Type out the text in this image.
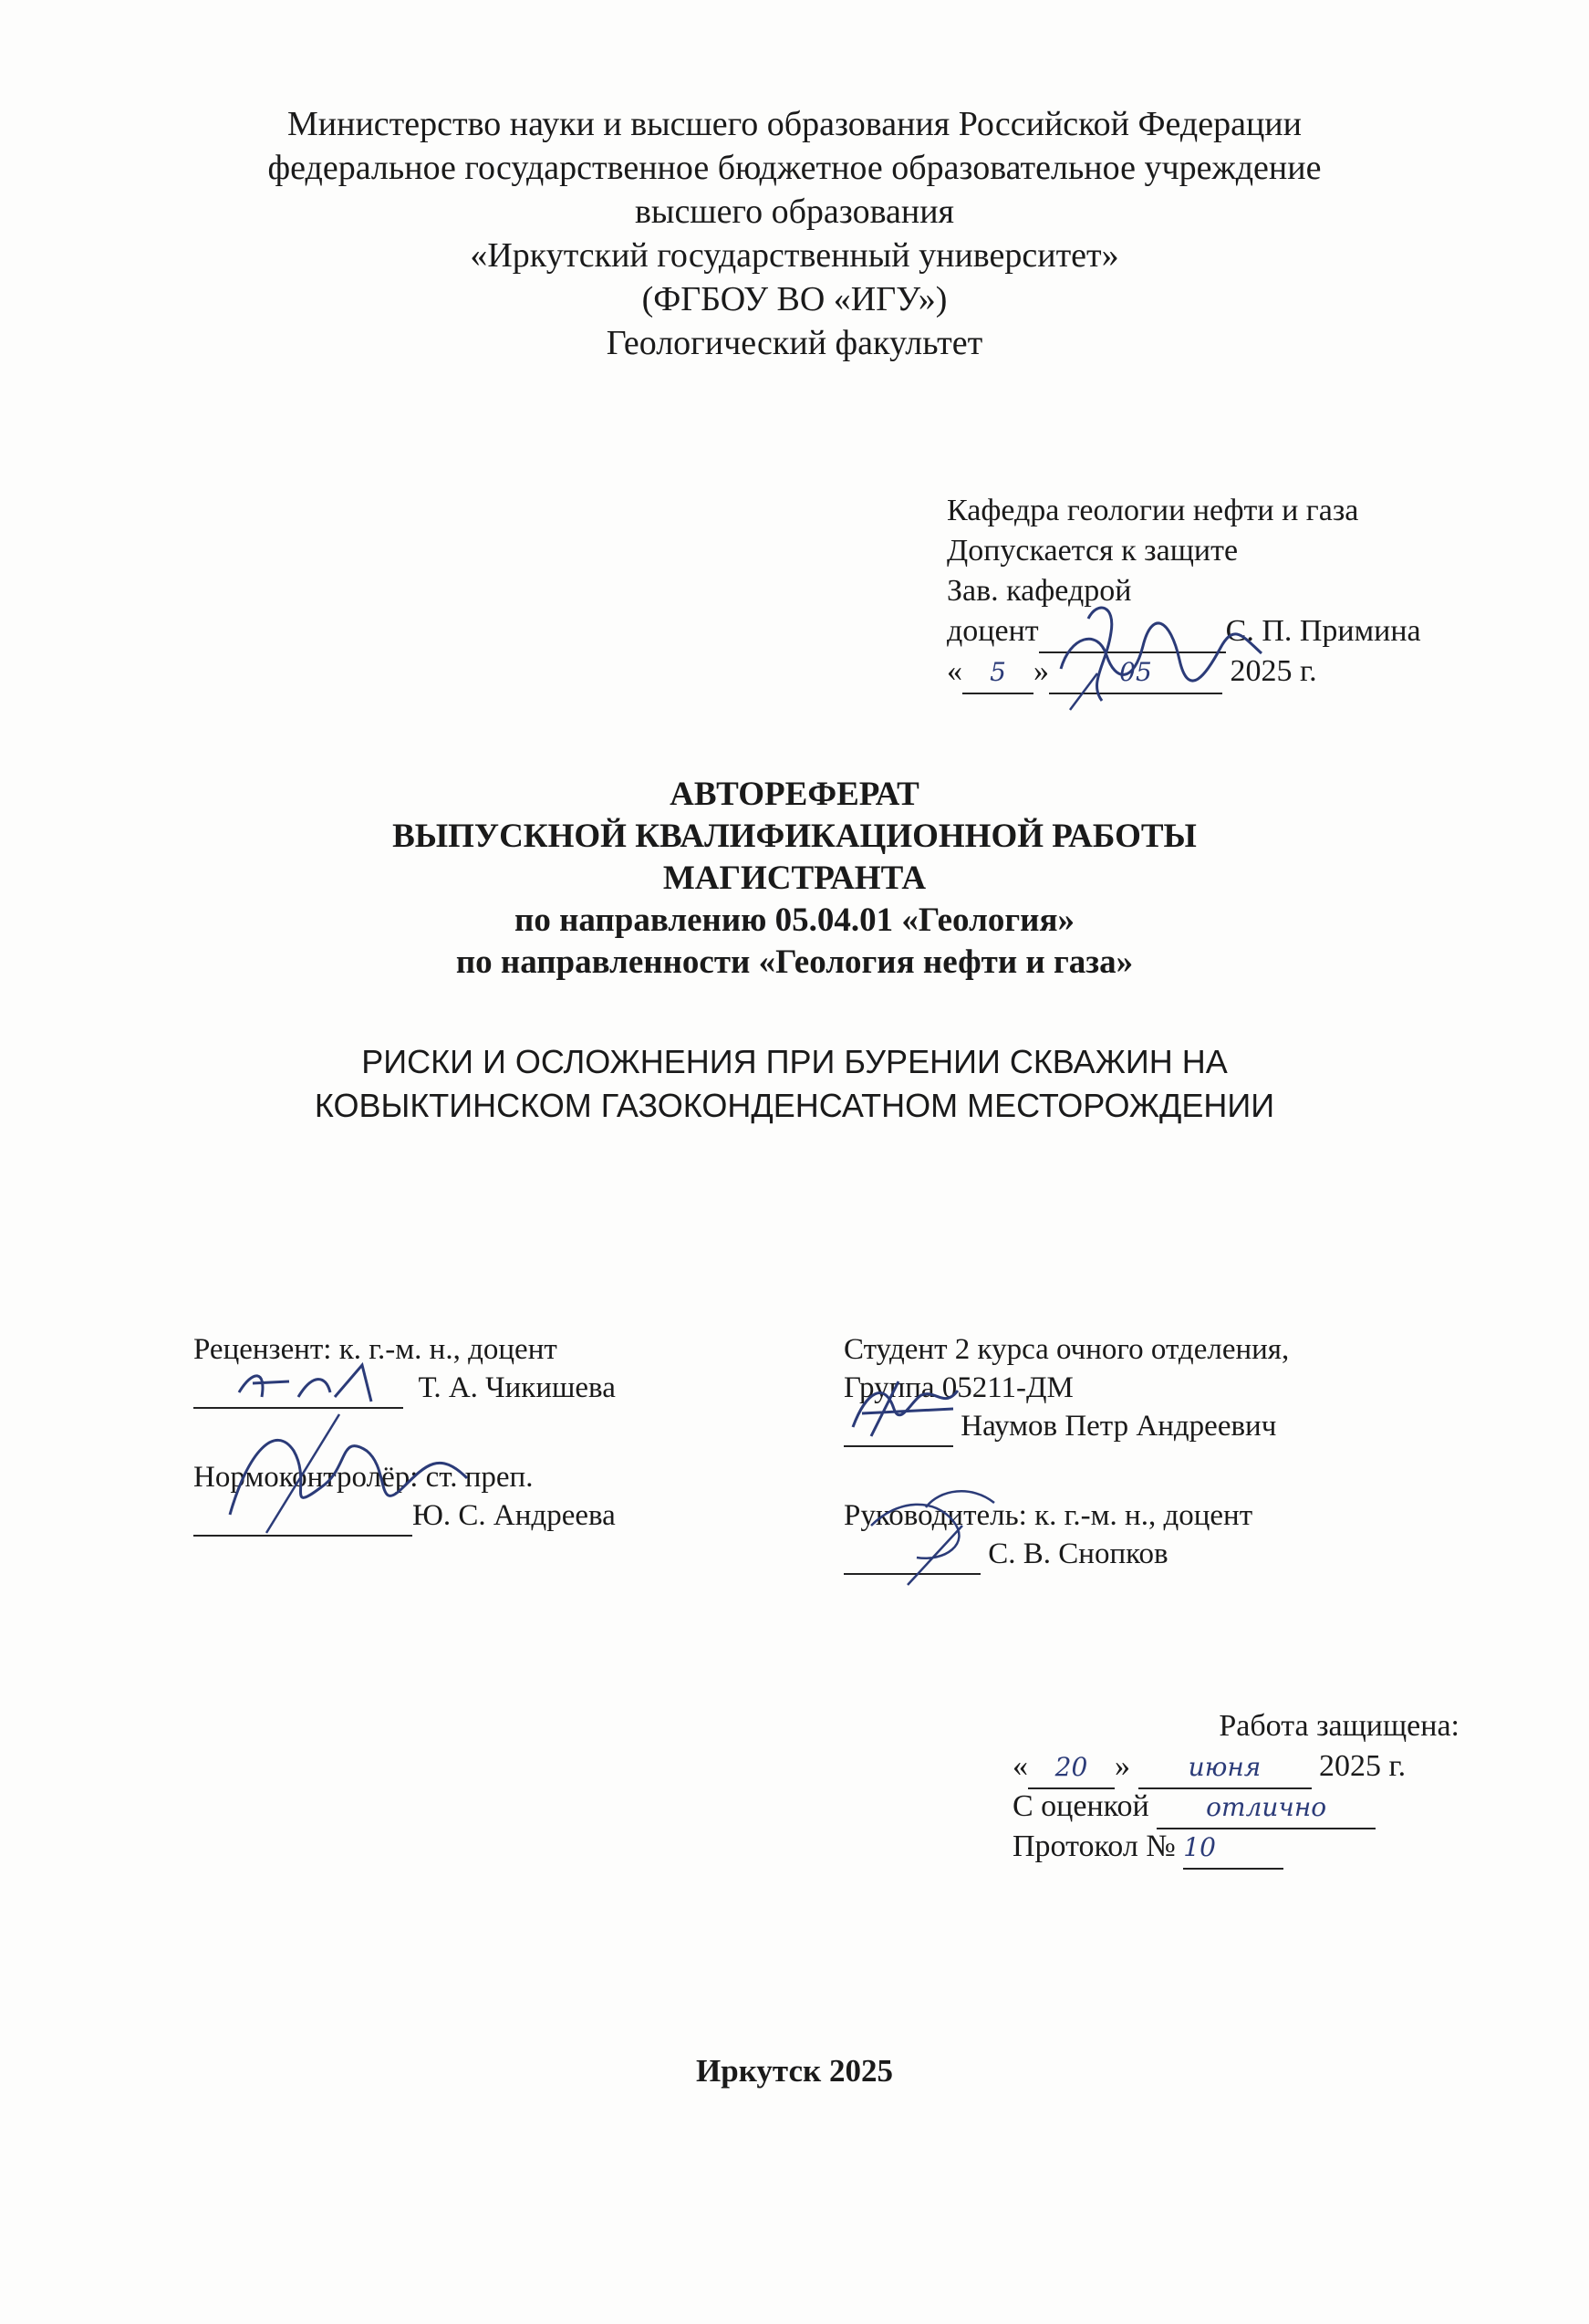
Министерство науки и высшего образования Российской Федерации
федеральное государственное бюджетное образовательное учреждение
высшего образования
«Иркутский государственный университет»
(ФГБОУ ВО «ИГУ»)
Геологический факультет
Кафедра геологии нефти и газа
Допускается к защите
Зав. кафедрой
доцент	С. П. Примина
« 5 »	05	2025 г.
АВТОРЕФЕРАТ
ВЫПУСКНОЙ КВАЛИФИКАЦИОННОЙ РАБОТЫ
МАГИСТРАНТА
по направлению 05.04.01 «Геология»
по направленности «Геология нефти и газа»
РИСКИ И ОСЛОЖНЕНИЯ ПРИ БУРЕНИИ СКВАЖИН НА
КОВЫКТИНСКОМ ГАЗОКОНДЕНСАТНОМ МЕСТОРОЖДЕНИИ
Рецензент: к. г.-м. н., доцент
Т. А. Чикишева
Нормоконтролёр: ст. преп.
Ю. С. Андреева
Студент 2 курса очного отделения,
Группа 05211-ДМ
Наумов Петр Андреевич
Руководитель: к. г.-м. н., доцент
С. В. Снопков
Работа защищена:
« 20 » июня 2025 г.
С оценкой отлично
Протокол № 10
Иркутск 2025
